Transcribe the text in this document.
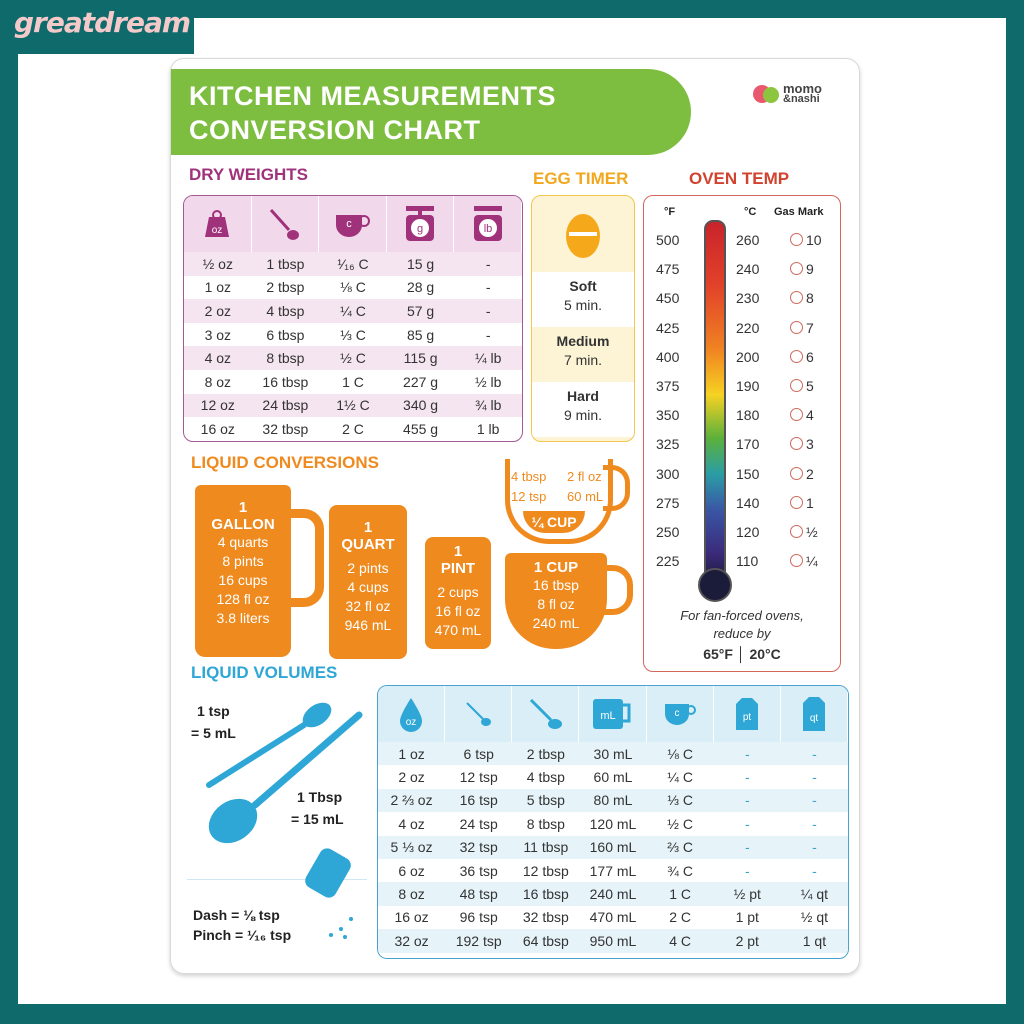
greatdream
KITCHEN MEASUREMENTS
CONVERSION CHART
momo
&nashi
DRY WEIGHTS	EGG TIMER	OVEN TEMP
oz
c	g	lb
½ oz	1 tbsp	¹⁄₁₆ C	15 g	-
1 oz	2 tbsp	⅛ C	28 g	-
2 oz	4 tbsp	¼ C	57 g	-
3 oz	6 tbsp	⅓ C	85 g	-
4 oz	8 tbsp	½ C	115 g	¼ lb
8 oz	16 tbsp	1 C	227 g	½ lb
12 oz	24 tbsp	1½ C	340 g	¾ lb
16 oz	32 tbsp	2 C	455 g	1 lb
Soft
5 min.
Medium
7 min.
Hard
9 min.
°F	°C Gas Mark
500	260	10
475	240	9
450	230	8
425	220	7
400	200	6
375	190	5
350	180	4
325	170	3
300	150	2
275	140	1
250	120	½
225	110	¼
For fan-forced ovens,
reduce by
65°F │ 20°C
LIQUID CONVERSIONS
1
GALLON
4 quarts
8 pints
16 cups
128 fl oz
3.8 liters
1
QUART
2 pints
4 cups
32 fl oz
946 mL
1
PINT
2 cups
16 fl oz
470 mL
4 tbsp 2 fl oz
12 tsp 60 mL
¼ CUP
1 CUP
16 tbsp
8 fl oz
240 mL
LIQUID VOLUMES
1 tsp
= 5 mL
1 Tbsp
= 15 mL
Dash = ⅛ tsp
Pinch = ¹⁄₁₆ tsp
oz
mL	c	pt	qt
1 oz	6 tsp	2 tbsp	30 mL	⅛ C	-	-
2 oz	12 tsp	4 tbsp	60 mL	¼ C	-	-
2 ⅔ oz	16 tsp	5 tbsp	80 mL	⅓ C	-	-
4 oz	24 tsp	8 tbsp	120 mL	½ C	-	-
5 ⅓ oz	32 tsp	11 tbsp	160 mL	⅔ C	-	-
6 oz	36 tsp	12 tbsp	177 mL	¾ C	-	-
8 oz	48 tsp	16 tbsp	240 mL	1 C	½ pt	¼ qt
16 oz	96 tsp	32 tbsp	470 mL	2 C	1 pt	½ qt
32 oz	192 tsp	64 tbsp	950 mL	4 C	2 pt	1 qt
